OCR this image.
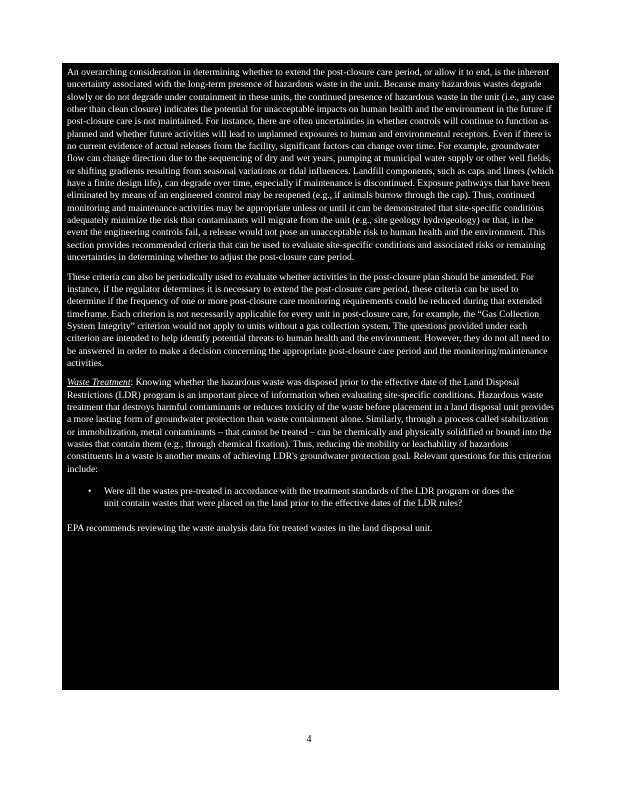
An overarching consideration in determining whether to extend the post-closure care period, or allow it to end, is the inherent uncertainty associated with the long-term presence of hazardous waste in the unit. Because many hazardous wastes degrade slowly or do not degrade under containment in these units, the continued presence of hazardous waste in the unit (i.e., any case other than clean closure) indicates the potential for unacceptable impacts on human health and the environment in the future if post-closure care is not maintained. For instance, there are often uncertainties in whether controls will continue to function as planned and whether future activities will lead to unplanned exposures to human and environmental receptors. Even if there is no current evidence of actual releases from the facility, significant factors can change over time. For example, groundwater flow can change direction due to the sequencing of dry and wet years, pumping at municipal water supply or other well fields, or shifting gradients resulting from seasonal variations or tidal influences. Landfill components, such as caps and liners (which have a finite design life), can degrade over time, especially if maintenance is discontinued. Exposure pathways that have been eliminated by means of an engineered control may be reopened (e.g., if animals burrow through the cap). Thus, continued monitoring and maintenance activities may be appropriate unless or until it can be demonstrated that site-specific conditions adequately minimize the risk that contaminants will migrate from the unit (e.g., site geology hydrogeology) or that, in the event the engineering controls fail, a release would not pose an unacceptable risk to human health and the environment. This section provides recommended criteria that can be used to evaluate site-specific conditions and associated risks or remaining uncertainties in determining whether to adjust the post-closure care period.

These criteria can also be periodically used to evaluate whether activities in the post-closure plan should be amended. For instance, if the regulator determines it is necessary to extend the post-closure care period, these criteria can be used to determine if the frequency of one or more post-closure care monitoring requirements could be reduced during that extended timeframe. Each criterion is not necessarily applicable for every unit in post-closure care, for example, the “Gas Collection System Integrity” criterion would not apply to units without a gas collection system. The questions provided under each criterion are intended to help identify potential threats to human health and the environment. However, they do not all need to be answered in order to make a decision concerning the appropriate post-closure care period and the monitoring/maintenance activities.

Waste Treatment: Knowing whether the hazardous waste was disposed prior to the effective date of the Land Disposal Restrictions (LDR) program is an important piece of information when evaluating site-specific conditions. Hazardous waste treatment that destroys harmful contaminants or reduces toxicity of the waste before placement in a land disposal unit provides a more lasting form of groundwater protection than waste containment alone. Similarly, through a process called stabilization or immobilization, metal contaminants – that cannot be treated – can be chemically and physically solidified or bound into the wastes that contain them (e.g., through chemical fixation). Thus, reducing the mobility or leachability of hazardous constituents in a waste is another means of achieving LDR's groundwater protection goal. Relevant questions for this criterion include:

• Were all the wastes pre-treated in accordance with the treatment standards of the LDR program or does the unit contain wastes that were placed on the land prior to the effective dates of the LDR rules?

EPA recommends reviewing the waste analysis data for treated wastes in the land disposal unit.

4
